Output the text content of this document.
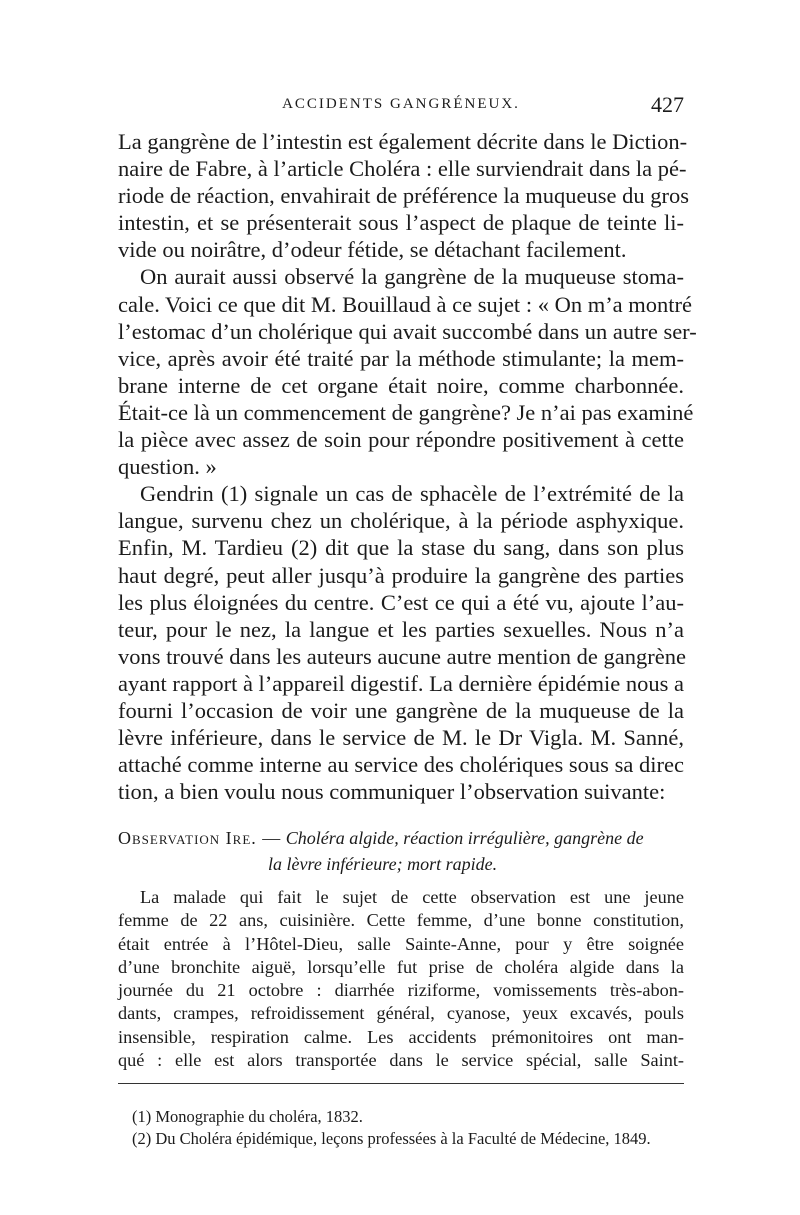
ACCIDENTS GANGRÉNEUX.	427
La gangrène de l’intestin est également décrite dans le Diction-
naire de Fabre, à l’article Choléra : elle surviendrait dans la pé-
riode de réaction, envahirait de préférence la muqueuse du gros
intestin, et se présenterait sous l’aspect de plaque de teinte li-
vide ou noirâtre, d’odeur fétide, se détachant facilement.
On aurait aussi observé la gangrène de la muqueuse stoma-
cale. Voici ce que dit M. Bouillaud à ce sujet : « On m’a montré
l’estomac d’un cholérique qui avait succombé dans un autre ser-
vice, après avoir été traité par la méthode stimulante; la mem-
brane interne de cet organe était noire, comme charbonnée.
Était-ce là un commencement de gangrène? Je n’ai pas examiné
la pièce avec assez de soin pour répondre positivement à cette
question. »
Gendrin (1) signale un cas de sphacèle de l’extrémité de la
langue, survenu chez un cholérique, à la période asphyxique.
Enfin, M. Tardieu (2) dit que la stase du sang, dans son plus
haut degré, peut aller jusqu’à produire la gangrène des parties
les plus éloignées du centre. C’est ce qui a été vu, ajoute l’au-
teur, pour le nez, la langue et les parties sexuelles. Nous n’a
vons trouvé dans les auteurs aucune autre mention de gangrène
ayant rapport à l’appareil digestif. La dernière épidémie nous a
fourni l’occasion de voir une gangrène de la muqueuse de la
lèvre inférieure, dans le service de M. le Dr Vigla. M. Sanné,
attaché comme interne au service des cholériques sous sa direc
tion, a bien voulu nous communiquer l’observation suivante:
Observation Ire. — Choléra algide, réaction irrégulière, gangrène de
la lèvre inférieure; mort rapide.
La malade qui fait le sujet de cette observation est une jeune
femme de 22 ans, cuisinière. Cette femme, d’une bonne constitution,
était entrée à l’Hôtel-Dieu, salle Sainte-Anne, pour y être soignée
d’une bronchite aiguë, lorsqu’elle fut prise de choléra algide dans la
journée du 21 octobre : diarrhée riziforme, vomissements très-abon-
dants, crampes, refroidissement général, cyanose, yeux excavés, pouls
insensible, respiration calme. Les accidents prémonitoires ont man-
qué : elle est alors transportée dans le service spécial, salle Saint-
(1) Monographie du choléra, 1832.
(2) Du Choléra épidémique, leçons professées à la Faculté de Médecine, 1849.
